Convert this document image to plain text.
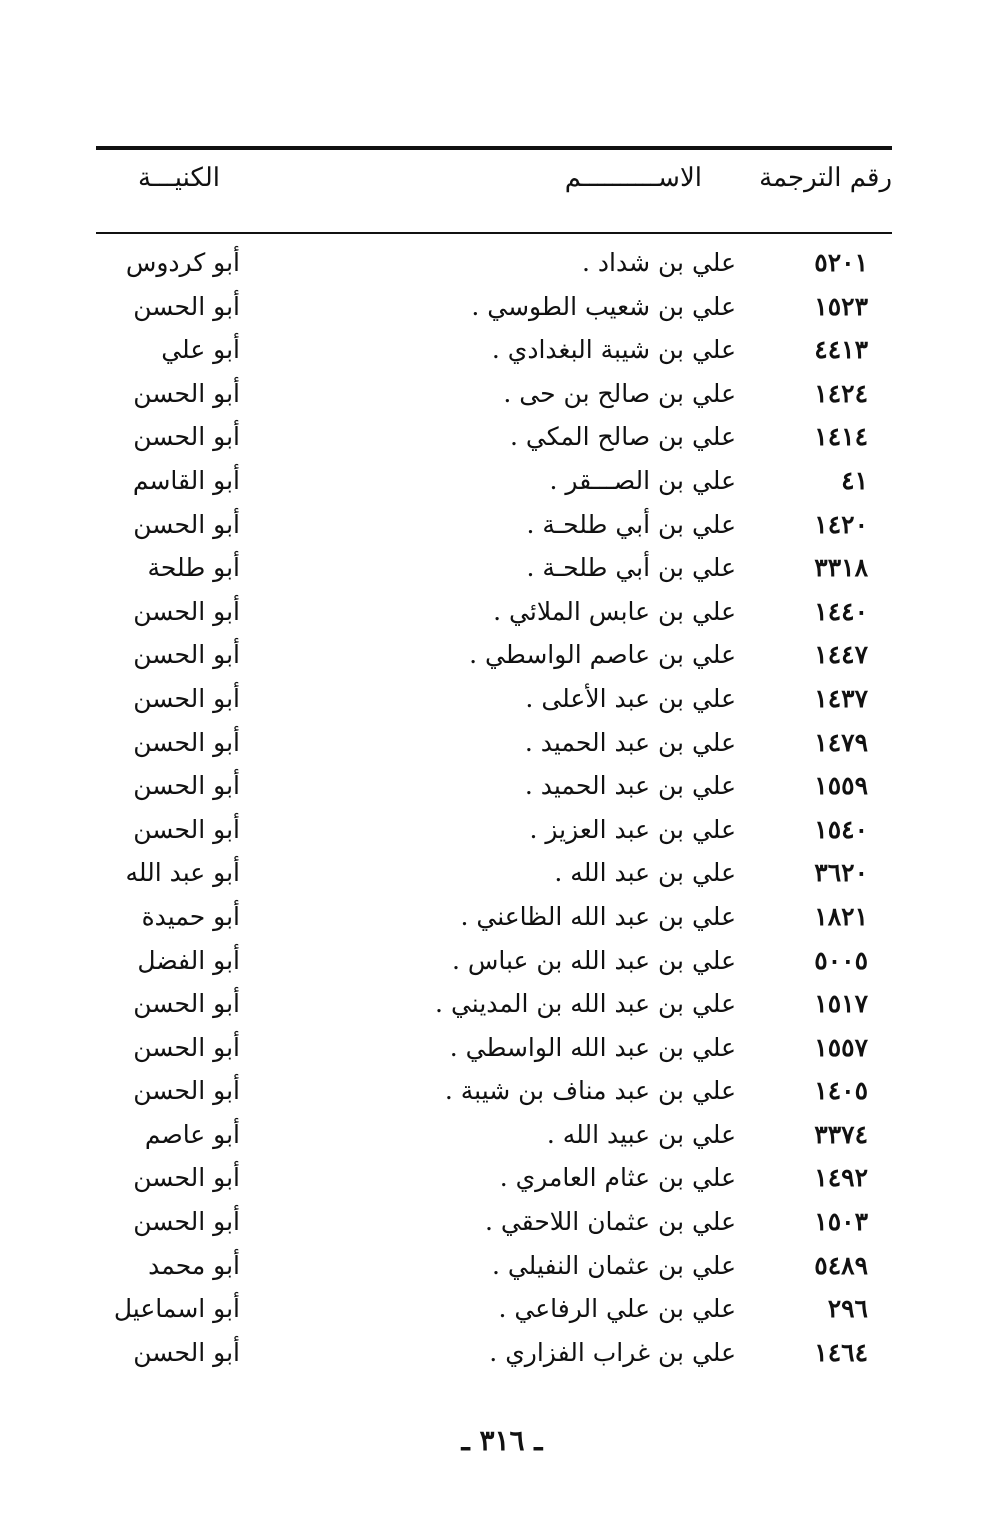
رقم الترجمة
الاســــــــــم
الكنيـــة
٥٢٠١
علي بن شداد .
أبو كردوس
١٥٢٣
علي بن شعيب الطوسي .
أبو الحسن
٤٤١٣
علي بن شيبة البغدادي .
أبو علي
١٤٢٤
علي بن صالح بن حى .
أبو الحسن
١٤١٤
علي بن صالح المكي .
أبو الحسن
٤١
علي بن الصـــقر .
أبو القاسم
١٤٢٠
علي بن أبي طلحـة .
أبو الحسن
٣٣١٨
علي بن أبي طلحـة .
أبو طلحة
١٤٤٠
علي بن عابس الملائي .
أبو الحسن
١٤٤٧
علي بن عاصم الواسطي .
أبو الحسن
١٤٣٧
علي بن عبد الأعلى .
أبو الحسن
١٤٧٩
علي بن عبد الحميد .
أبو الحسن
١٥٥٩
علي بن عبد الحميد .
أبو الحسن
١٥٤٠
علي بن عبد العزيز .
أبو الحسن
٣٦٢٠
علي بن عبد الله .
أبو عبد الله
١٨٢١
علي بن عبد الله الظاعني .
أبو حميدة
٥٠٠٥
علي بن عبد الله بن عباس .
أبو الفضل
١٥١٧
علي بن عبد الله بن المديني .
أبو الحسن
١٥٥٧
علي بن عبد الله الواسطي .
أبو الحسن
١٤٠٥
علي بن عبد مناف بن شيبة .
أبو الحسن
٣٣٧٤
علي بن عبيد الله .
أبو عاصم
١٤٩٢
علي بن عثام العامري .
أبو الحسن
١٥٠٣
علي بن عثمان اللاحقي .
أبو الحسن
٥٤٨٩
علي بن عثمان النفيلي .
أبو محمد
٢٩٦
علي بن علي الرفاعي .
أبو اسماعيل
١٤٦٤
علي بن غراب الفزاري .
أبو الحسن
ـ ٣١٦ ـ
